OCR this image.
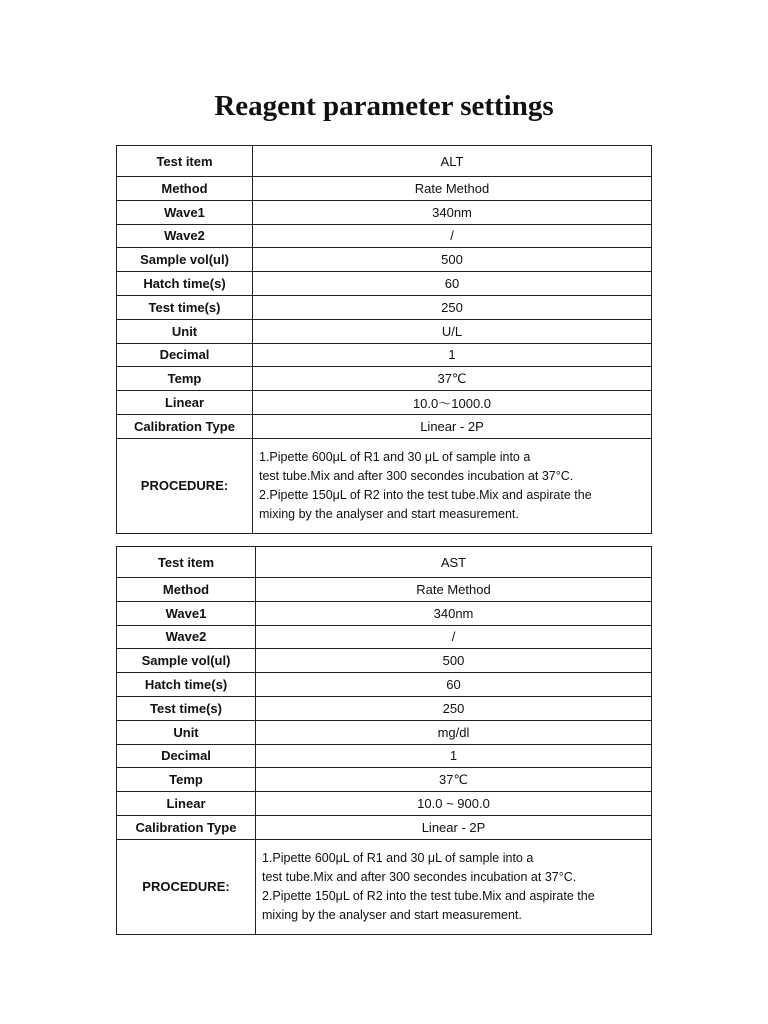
Reagent parameter settings
Test item	ALT
Method	Rate Method
Wave1	340nm
Wave2	/
Sample vol(ul)	500
Hatch time(s)	60
Test time(s)	250
Unit	U/L
Decimal	1
Temp	37℃
Linear	10.0～1000.0
Calibration Type	Linear - 2P
PROCEDURE:	1.Pipette 600μL of R1 and 30 μL of sample into a
test tube.Mix and after 300 secondes incubation at 37°C.
2.Pipette 150μL of R2 into the test tube.Mix and aspirate the
mixing by the analyser and start measurement.
Test item	AST
Method	Rate Method
Wave1	340nm
Wave2	/
Sample vol(ul)	500
Hatch time(s)	60
Test time(s)	250
Unit	mg/dl
Decimal	1
Temp	37℃
Linear	10.0 ~ 900.0
Calibration Type	Linear - 2P
PROCEDURE:	1.Pipette 600μL of R1 and 30 μL of sample into a
test tube.Mix and after 300 secondes incubation at 37°C.
2.Pipette 150μL of R2 into the test tube.Mix and aspirate the
mixing by the analyser and start measurement.
